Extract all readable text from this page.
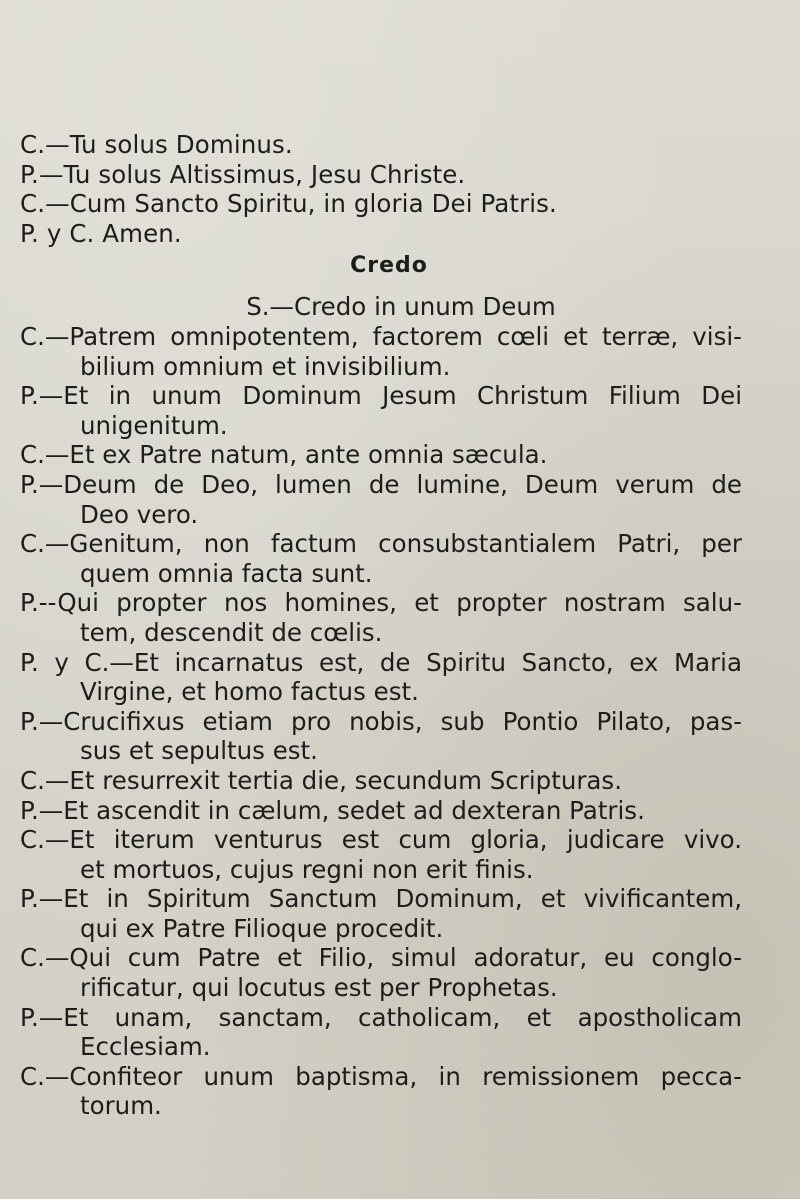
C.—Tu solus Dominus.
P.—Tu solus Altissimus, Jesu Christe.
C.—Cum Sancto Spiritu, in gloria Dei Patris.
P. y C. Amen.
Credo
S.—Credo in unum Deum
C.—Patrem omnipotentem, factorem cœli et terræ, visi-
bilium omnium et invisibilium.
P.—Et in unum Dominum Jesum Christum Filium Dei
unigenitum.
C.—Et ex Patre natum, ante omnia sæcula.
P.—Deum de Deo, lumen de lumine, Deum verum de
Deo vero.
C.—Genitum, non factum consubstantialem Patri, per
quem omnia facta sunt.
P.--Qui propter nos homines, et propter nostram salu-
tem, descendit de cœlis.
P. y C.—Et incarnatus est, de Spiritu Sancto, ex Maria
Virgine, et homo factus est.
P.—Crucifixus etiam pro nobis, sub Pontio Pilato, pas-
sus et sepultus est.
C.—Et resurrexit tertia die, secundum Scripturas.
P.—Et ascendit in cælum, sedet ad dexteran Patris.
C.—Et iterum venturus est cum gloria, judicare vivo.
et mortuos, cujus regni non erit finis.
P.—Et in Spiritum Sanctum Dominum, et vivificantem,
qui ex Patre Filioque procedit.
C.—Qui cum Patre et Filio, simul adoratur, eu conglo-
rificatur, qui locutus est per Prophetas.
P.—Et unam, sanctam, catholicam, et apostholicam
Ecclesiam.
C.—Confiteor unum baptisma, in remissionem pecca-
torum.
